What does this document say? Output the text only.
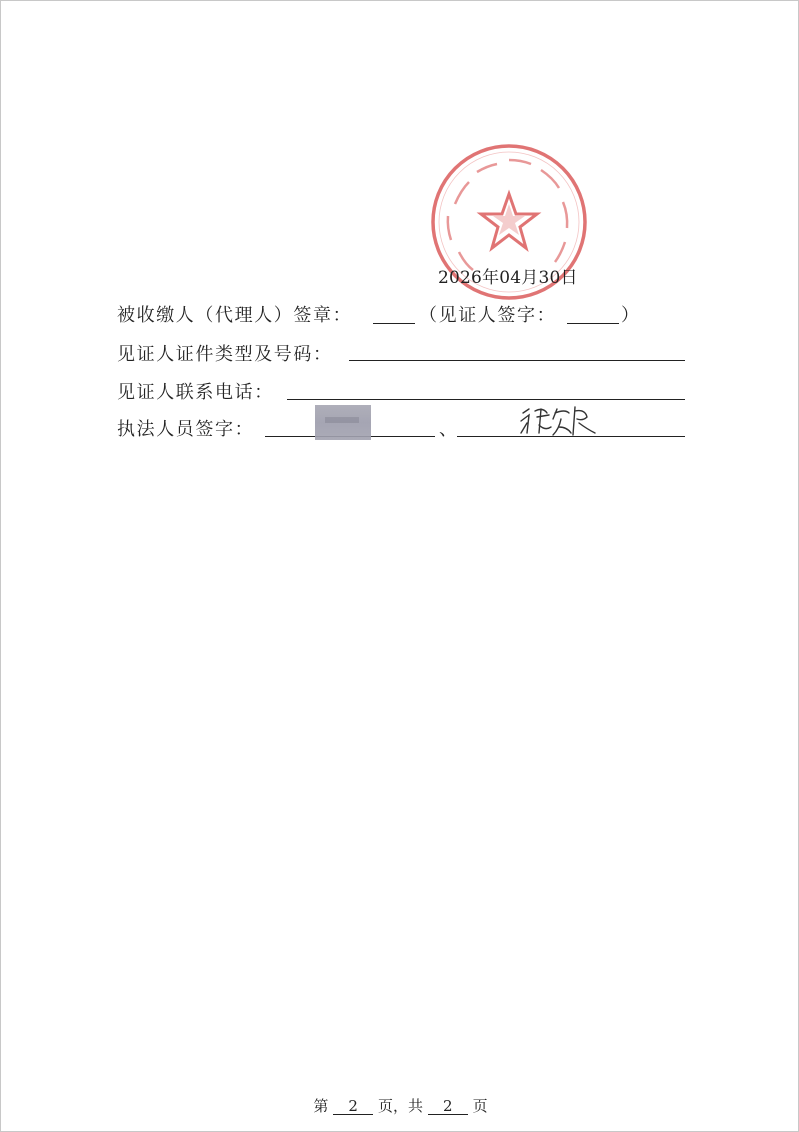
2026年04月30日
被收缴人（代理人）签章：	（见证人签字：	）
见证人证件类型及号码：
见证人联系电话：
执法人员签字：	、
第 2 页，共 2 页
